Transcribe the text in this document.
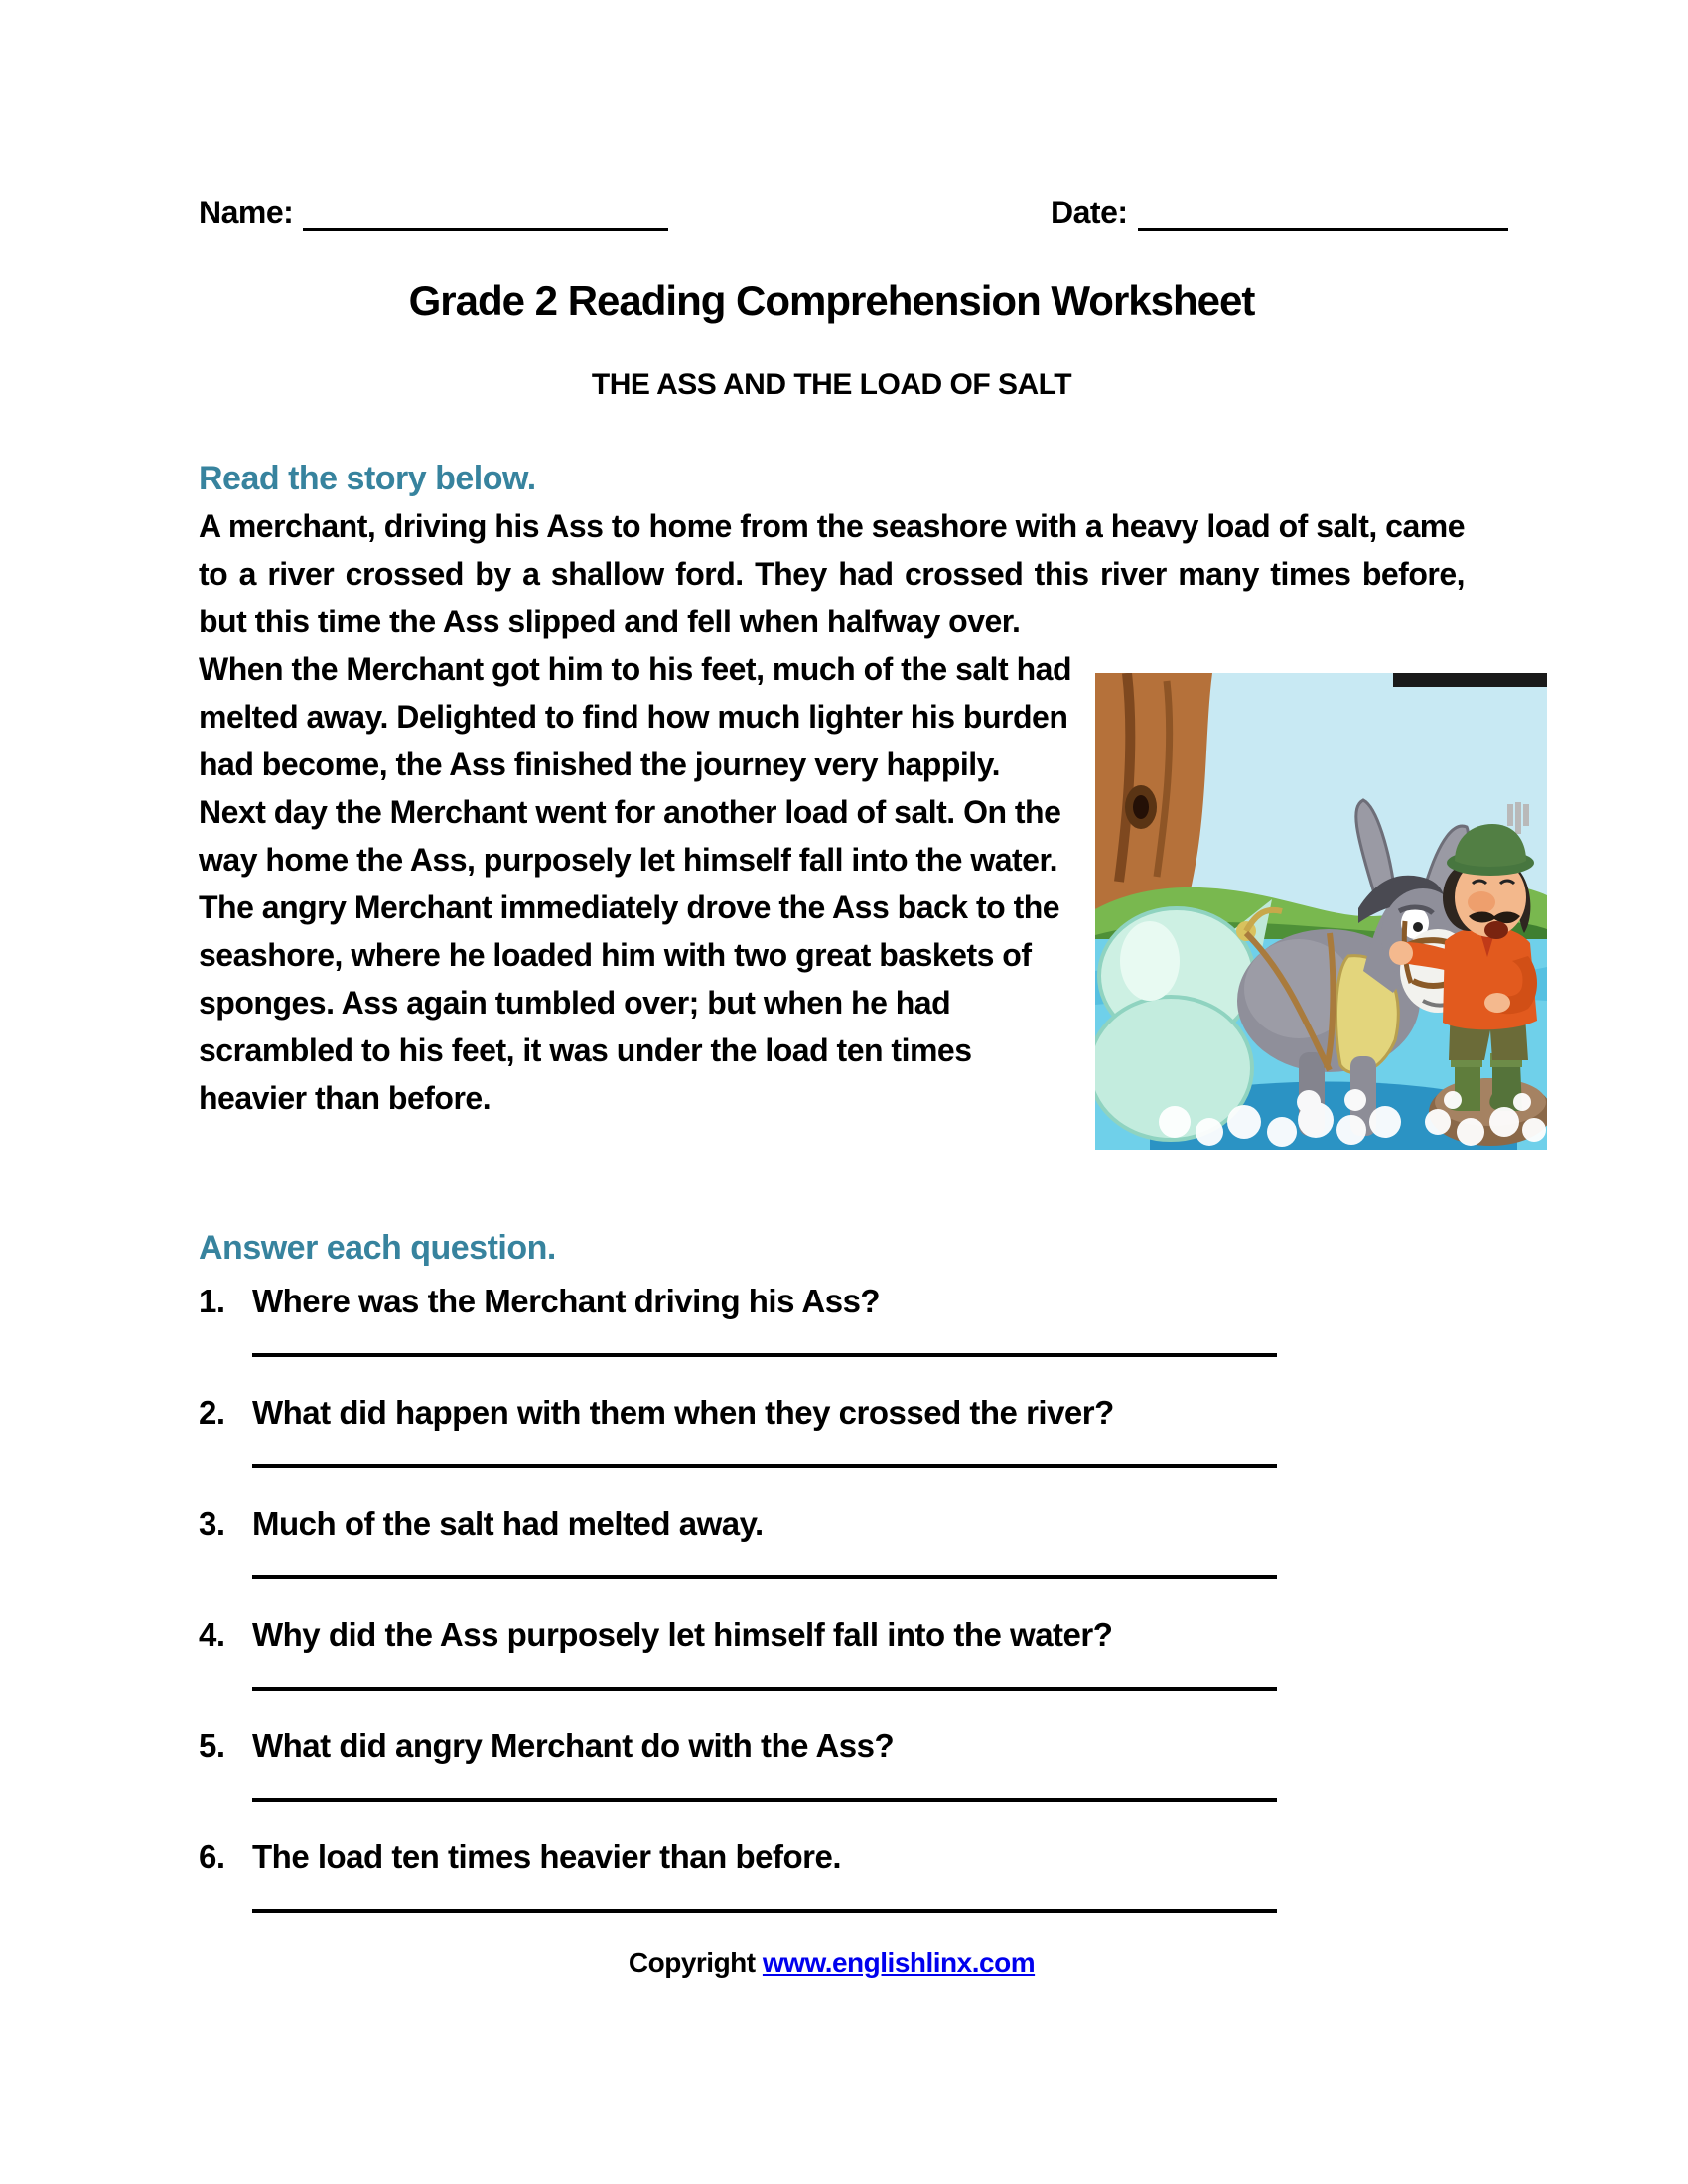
Name:	Date:
Grade 2 Reading Comprehension Worksheet
THE ASS AND THE LOAD OF SALT
Read the story below.

A merchant, driving his Ass to home from the seashore with a heavy load of salt, came to a river crossed by a shallow ford. They had crossed this river many times before, but this time the Ass slipped and fell when halfway over.

When the Merchant got him to his feet, much of the salt had melted away. Delighted to find how much lighter his burden had become, the Ass finished the journey very happily. Next day the Merchant went for another load of salt. On the way home the Ass, purposely let himself fall into the water. The angry Merchant immediately drove the Ass back to the seashore, where he loaded him with two great baskets of sponges. Ass again tumbled over; but when he had scrambled to his feet, it was under the load ten times heavier than before.

Answer each question.
1. Where was the Merchant driving his Ass?
2. What did happen with them when they crossed the river?
3. Much of the salt had melted away.
4. Why did the Ass purposely let himself fall into the water?
5. What did angry Merchant do with the Ass?
6. The load ten times heavier than before.
Copyright www.englishlinx.com
